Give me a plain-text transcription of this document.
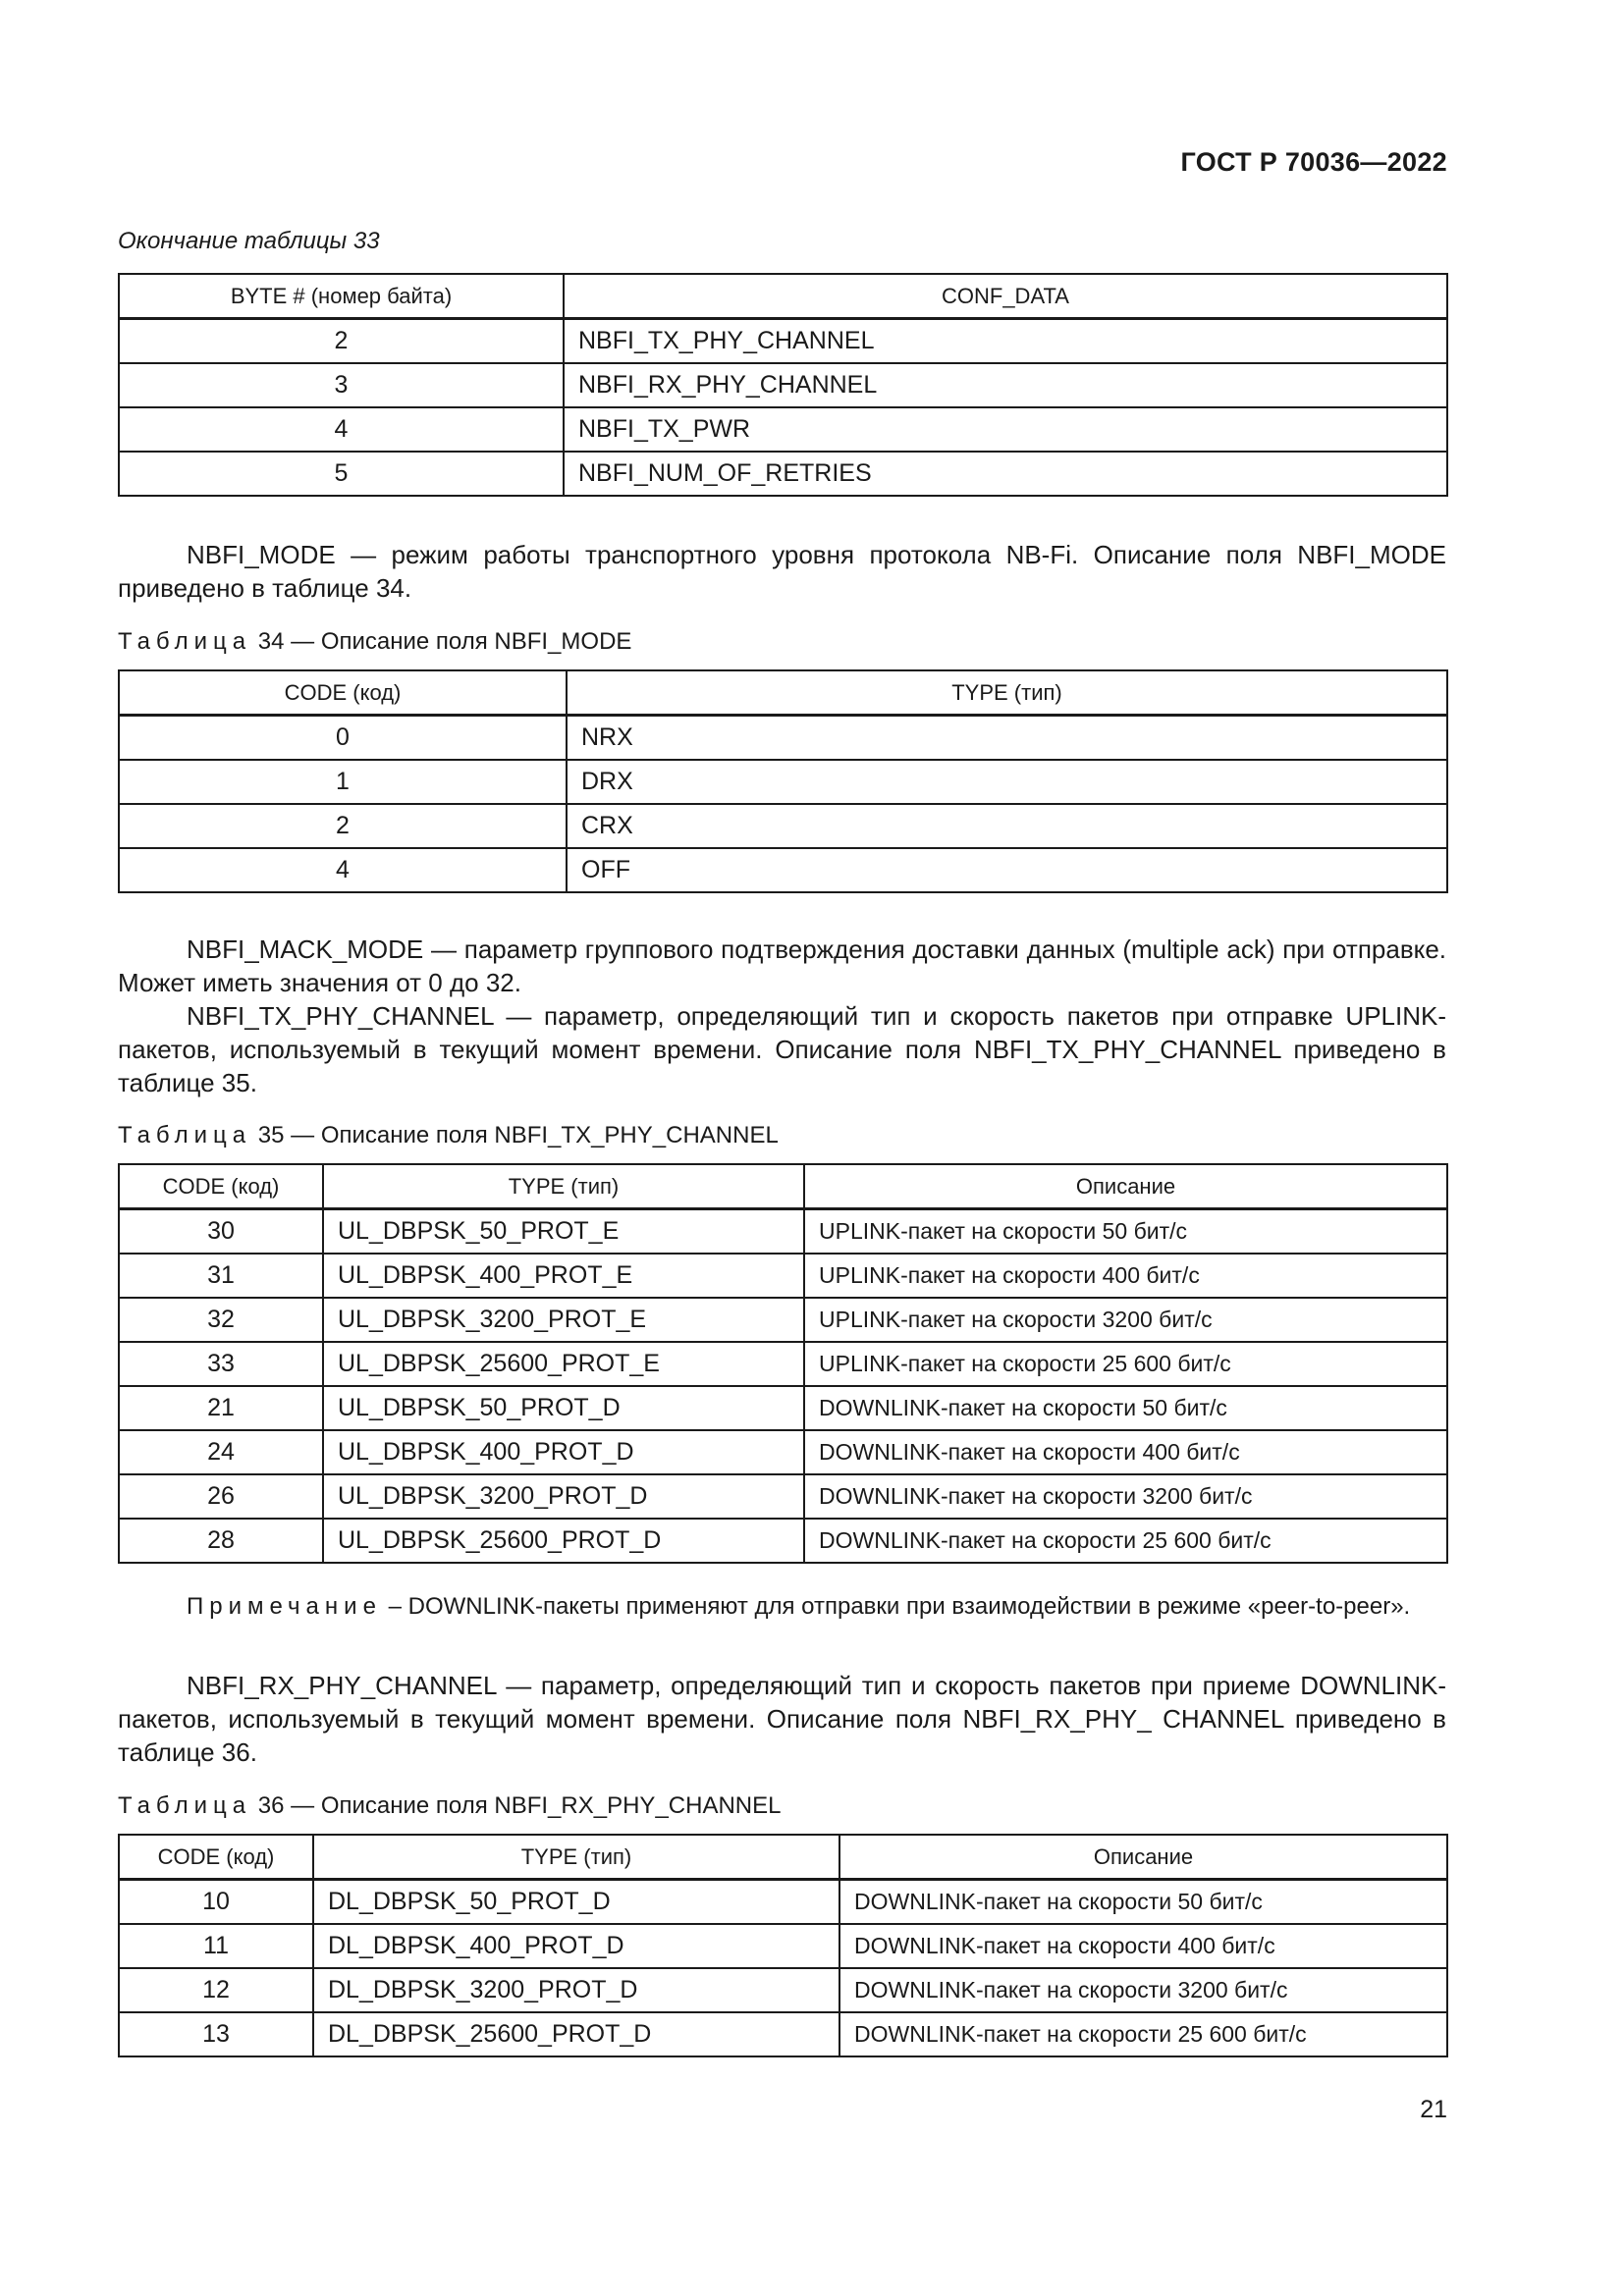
ГОСТ Р 70036—2022
Окончание таблицы 33
BYTE # (номер байта)	CONF_DATA
2	NBFI_TX_PHY_CHANNEL
3	NBFI_RX_PHY_CHANNEL
4	NBFI_TX_PWR
5	NBFI_NUM_OF_RETRIES

NBFI_MODE — режим работы транспортного уровня протокола NB-Fi. Описание поля NBFI_MODE приведено в таблице 34.

Таблица 34 — Описание поля NBFI_MODE
CODE (код)	TYPE (тип)
0	NRX
1	DRX
2	CRX
4	OFF

NBFI_MACK_MODE — параметр группового подтверждения доставки данных (multiple ack) при отправке. Может иметь значения от 0 до 32.

NBFI_TX_PHY_CHANNEL — параметр, определяющий тип и скорость пакетов при отправке UPLINK-пакетов, используемый в текущий момент времени. Описание поля NBFI_TX_PHY_CHANNEL приведено в таблице 35.

Таблица 35 — Описание поля NBFI_TX_PHY_CHANNEL
CODE (код)	TYPE (тип)	Описание
30	UL_DBPSK_50_PROT_E	UPLINK-пакет на скорости 50 бит/с
31	UL_DBPSK_400_PROT_E	UPLINK-пакет на скорости 400 бит/с
32	UL_DBPSK_3200_PROT_E	UPLINK-пакет на скорости 3200 бит/с
33	UL_DBPSK_25600_PROT_E	UPLINK-пакет на скорости 25 600 бит/с
21	UL_DBPSK_50_PROT_D	DOWNLINK-пакет на скорости 50 бит/с
24	UL_DBPSK_400_PROT_D	DOWNLINK-пакет на скорости 400 бит/с
26	UL_DBPSK_3200_PROT_D	DOWNLINK-пакет на скорости 3200 бит/с
28	UL_DBPSK_25600_PROT_D	DOWNLINK-пакет на скорости 25 600 бит/с
Примечание – DOWNLINK-пакеты применяют для отправки при взаимодействии в режиме «peer-to-peer».

NBFI_RX_PHY_CHANNEL — параметр, определяющий тип и скорость пакетов при приеме DOWNLINK-пакетов, используемый в текущий момент времени. Описание поля NBFI_RX_PHY_ CHANNEL приведено в таблице 36.

Таблица 36 — Описание поля NBFI_RX_PHY_CHANNEL
CODE (код)	TYPE (тип)	Описание
10	DL_DBPSK_50_PROT_D	DOWNLINK-пакет на скорости 50 бит/с
11	DL_DBPSK_400_PROT_D	DOWNLINK-пакет на скорости 400 бит/с
12	DL_DBPSK_3200_PROT_D	DOWNLINK-пакет на скорости 3200 бит/с
13	DL_DBPSK_25600_PROT_D	DOWNLINK-пакет на скорости 25 600 бит/с
21
